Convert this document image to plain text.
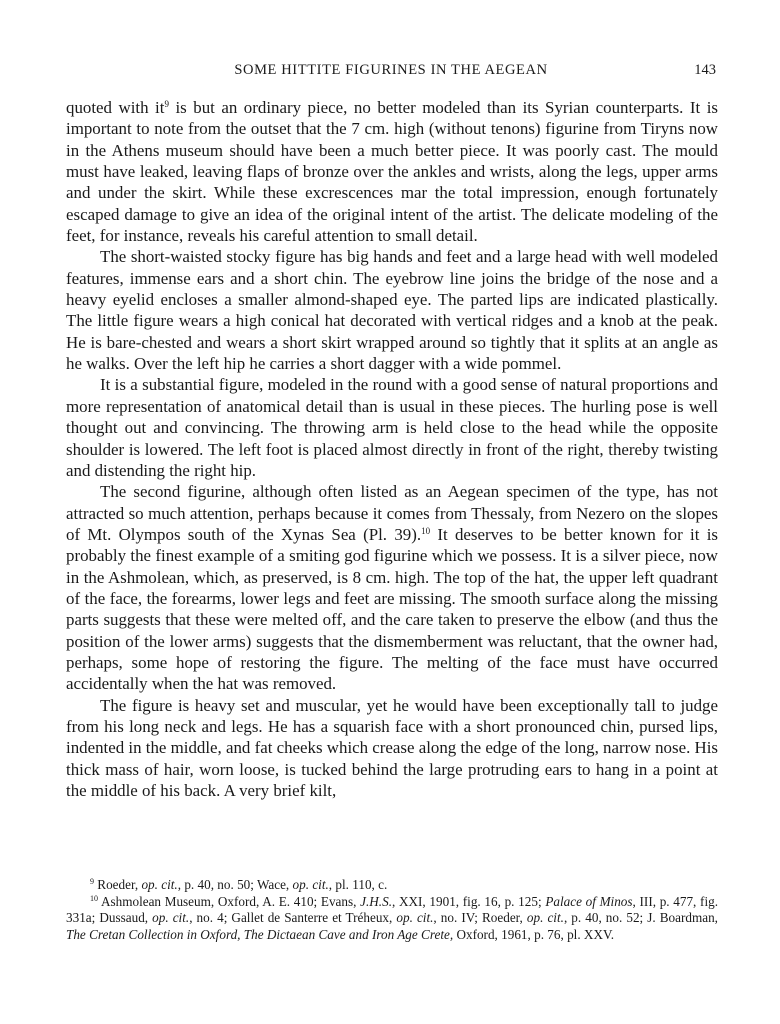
SOME HITTITE FIGURINES IN THE AEGEAN	143

quoted with $it^9$ is but an ordinary piece, no better modeled than its Syrian counterparts. It is important to note from the outset that the 7 cm. high (without tenons) figurine from Tiryns now in the Athens museum should have been a much better piece. It was poorly cast. The mould must have leaked, leaving flaps of bronze over the ankles and wrists, along the legs, upper arms and under the skirt. While these excrescences mar the total impression, enough fortunately escaped damage to give an idea of the original intent of the artist. The delicate modeling of the feet, for instance, reveals his careful attention to small detail.

The short-waisted stocky figure has big hands and feet and a large head with well modeled features, immense ears and a short chin. The eyebrow line joins the bridge of the nose and a heavy eyelid encloses a smaller almond-shaped eye. The parted lips are indicated plastically. The little figure wears a high conical hat decorated with vertical ridges and a knob at the peak. He is bare-chested and wears a short skirt wrapped around so tightly that it splits at an angle as he walks. Over the left hip he carries a short dagger with a wide pommel.

It is a substantial figure, modeled in the round with a good sense of natural proportions and more representation of anatomical detail than is usual in these pieces. The hurling pose is well thought out and convincing. The throwing arm is held close to the head while the opposite shoulder is lowered. The left foot is placed almost directly in front of the right, thereby twisting and distending the right hip.

The second figurine, although often listed as an Aegean specimen of the type, has not attracted so much attention, perhaps because it comes from Thessaly, from Nezero on the slopes of Mt. Olympos south of the Xynas Sea (Pl. 39).$^{10}$ It deserves to be better known for it is probably the finest example of a smiting god figurine which we possess. It is a silver piece, now in the Ashmolean, which, as preserved, is 8 cm. high. The top of the hat, the upper left quadrant of the face, the forearms, lower legs and feet are missing. The smooth surface along the missing parts suggests that these were melted off, and the care taken to preserve the elbow (and thus the position of the lower arms) suggests that the dismemberment was reluctant, that the owner had, perhaps, some hope of restoring the figure. The melting of the face must have occurred accidentally when the hat was removed.

The figure is heavy set and muscular, yet he would have been exceptionally tall to judge from his long neck and legs. He has a squarish face with a short pronounced chin, pursed lips, indented in the middle, and fat cheeks which crease along the edge of the long, narrow nose. His thick mass of hair, worn loose, is tucked behind the large protruding ears to hang in a point at the middle of his back. A very brief kilt,

$^9$ Roeder, op. cit., p. 40, no. 50; Wace, op. cit., pl. 110, c.

$^{10}$ Ashmolean Museum, Oxford, A. E. 410; Evans, J.H.S., XXI, 1901, fig. 16, p. 125; Palace of Minos, III, p. 477, fig. 331a; Dussaud, op. cit., no. 4; Gallet de Santerre et Tréheux, op. cit., no. IV; Roeder, op. cit., p. 40, no. 52; J. Boardman, The Cretan Collection in Oxford, The Dictaean Cave and Iron Age Crete, Oxford, 1961, p. 76, pl. XXV.
